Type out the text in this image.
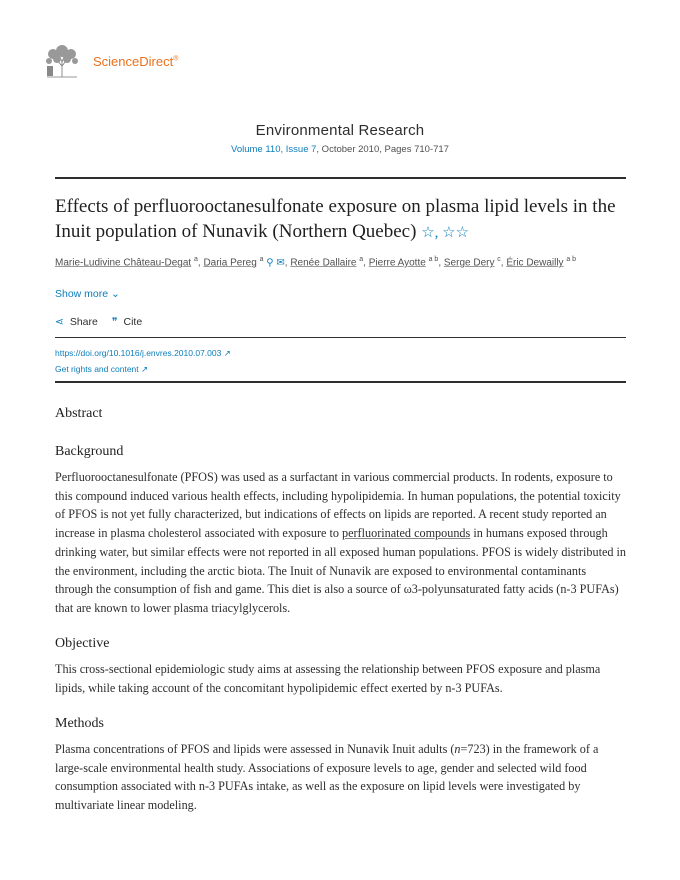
ScienceDirect®
Environmental Research
Volume 110, Issue 7, October 2010, Pages 710-717
Effects of perfluorooctanesulfonate exposure on plasma lipid levels in the Inuit population of Nunavik (Northern Quebec) ☆, ☆☆
Marie-Ludivine Château-Degat $^a$, Daria Pereg $^a$ ⚲ ✉, Renée Dallaire $^a$, Pierre Ayotte $^{a b}$, Serge Dery $^c$, Éric Dewailly $^{a b}$
Show more ⌄
⋖ Share ❞ Cite
https://doi.org/10.1016/j.envres.2010.07.003 ↗
Get rights and content ↗
Abstract
Background
Perfluorooctanesulfonate (PFOS) was used as a surfactant in various commercial products. In rodents, exposure to this compound induced various health effects, including hypolipidemia. In human populations, the potential toxicity of PFOS is not yet fully characterized, but indications of effects on lipids are reported. A recent study reported an increase in plasma cholesterol associated with exposure to perfluorinated compounds in humans exposed through drinking water, but similar effects were not reported in all exposed human populations. PFOS is widely distributed in the environment, including the arctic biota. The Inuit of Nunavik are exposed to environmental contaminants through the consumption of fish and game. This diet is also a source of ω3-polyunsaturated fatty acids (n-3 PUFAs) that are known to lower plasma triacylglycerols.
Objective
This cross-sectional epidemiologic study aims at assessing the relationship between PFOS exposure and plasma lipids, while taking account of the concomitant hypolipidemic effect exerted by n-3 PUFAs.
Methods
Plasma concentrations of PFOS and lipids were assessed in Nunavik Inuit adults (n=723) in the framework of a large-scale environmental health study. Associations of exposure levels to age, gender and selected wild food consumption associated with n-3 PUFAs intake, as well as the exposure on lipid levels were investigated by multivariate linear modeling.
